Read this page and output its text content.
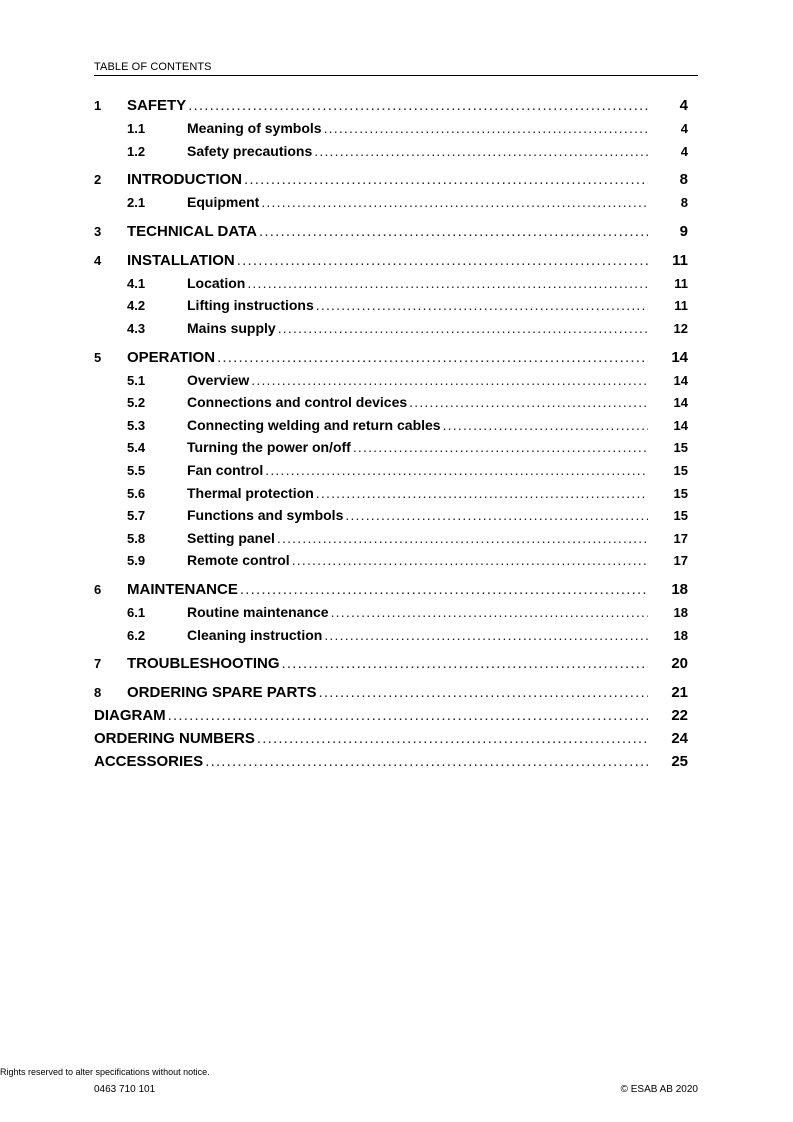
TABLE OF CONTENTS
1	SAFETY .....	4
1.1	Meaning of symbols .....	4
1.2	Safety precautions .....	4
2	INTRODUCTION .....	8
2.1	Equipment .....	8
3	TECHNICAL DATA .....	9
4	INSTALLATION .....	11
4.1	Location .....	11
4.2	Lifting instructions .....	11
4.3	Mains supply .....	12
5	OPERATION .....	14
5.1	Overview .....	14
5.2	Connections and control devices .....	14
5.3	Connecting welding and return cables .....	14
5.4	Turning the power on/off .....	15
5.5	Fan control .....	15
5.6	Thermal protection .....	15
5.7	Functions and symbols .....	15
5.8	Setting panel .....	17
5.9	Remote control .....	17
6	MAINTENANCE .....	18
6.1	Routine maintenance .....	18
6.2	Cleaning instruction .....	18
7	TROUBLESHOOTING .....	20
8	ORDERING SPARE PARTS .....	21
DIAGRAM .....	22
ORDERING NUMBERS .....	24
ACCESSORIES .....	25
Rights reserved to alter specifications without notice.
0463 710 101	© ESAB AB 2020
